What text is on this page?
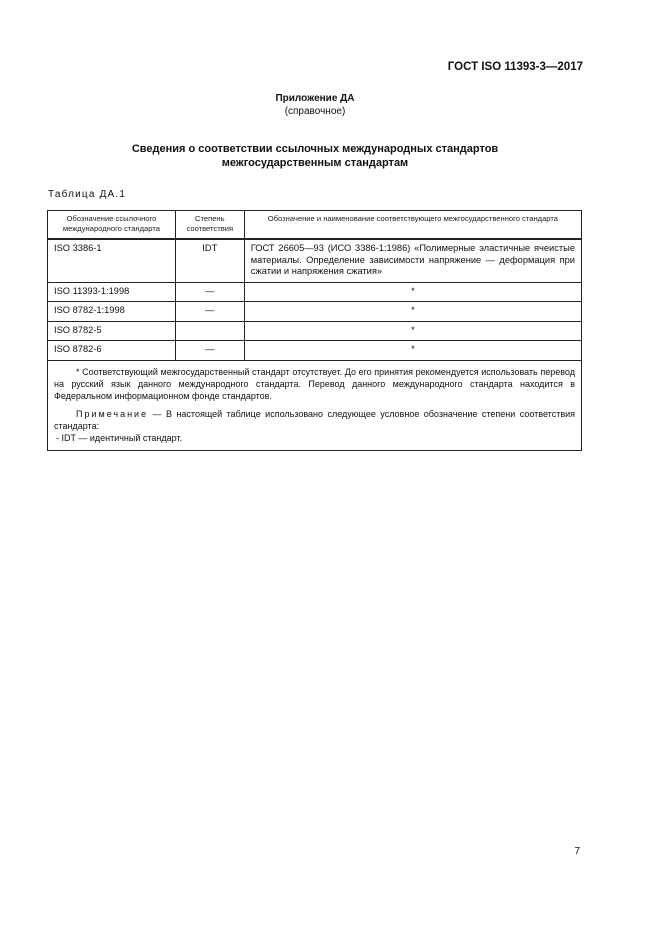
ГОСТ ISO 11393-3—2017
Приложение ДА
(справочное)
Сведения о соответствии ссылочных международных стандартов
межгосударственным стандартам
Таблица ДА.1
Обозначение ссылочного международного стандарта	Степень соответствия	Обозначение и наименование соответствующего межгосударственного стандарта
ISO 3386-1	IDT	ГОСТ 26605—93 (ИСО 3386-1:1986) «Полимерные эластичные ячеистые материалы. Определение зависимости напряжение — деформация при сжатии и напряжения сжатия»
ISO 11393-1:1998	—	*
ISO 8782-1:1998	—	*
ISO 8782-5		*
ISO 8782-6	—	*

* Соответствующий межгосударственный стандарт отсутствует. До его принятия рекомендуется использовать перевод на русский язык данного международного стандарта. Перевод данного международного стандарта находится в Федеральном информационном фонде стандартов.

Примечание — В настоящей таблице использовано следующее условное обозначение степени соответствия стандарта:

- IDT — идентичный стандарт.		

7
